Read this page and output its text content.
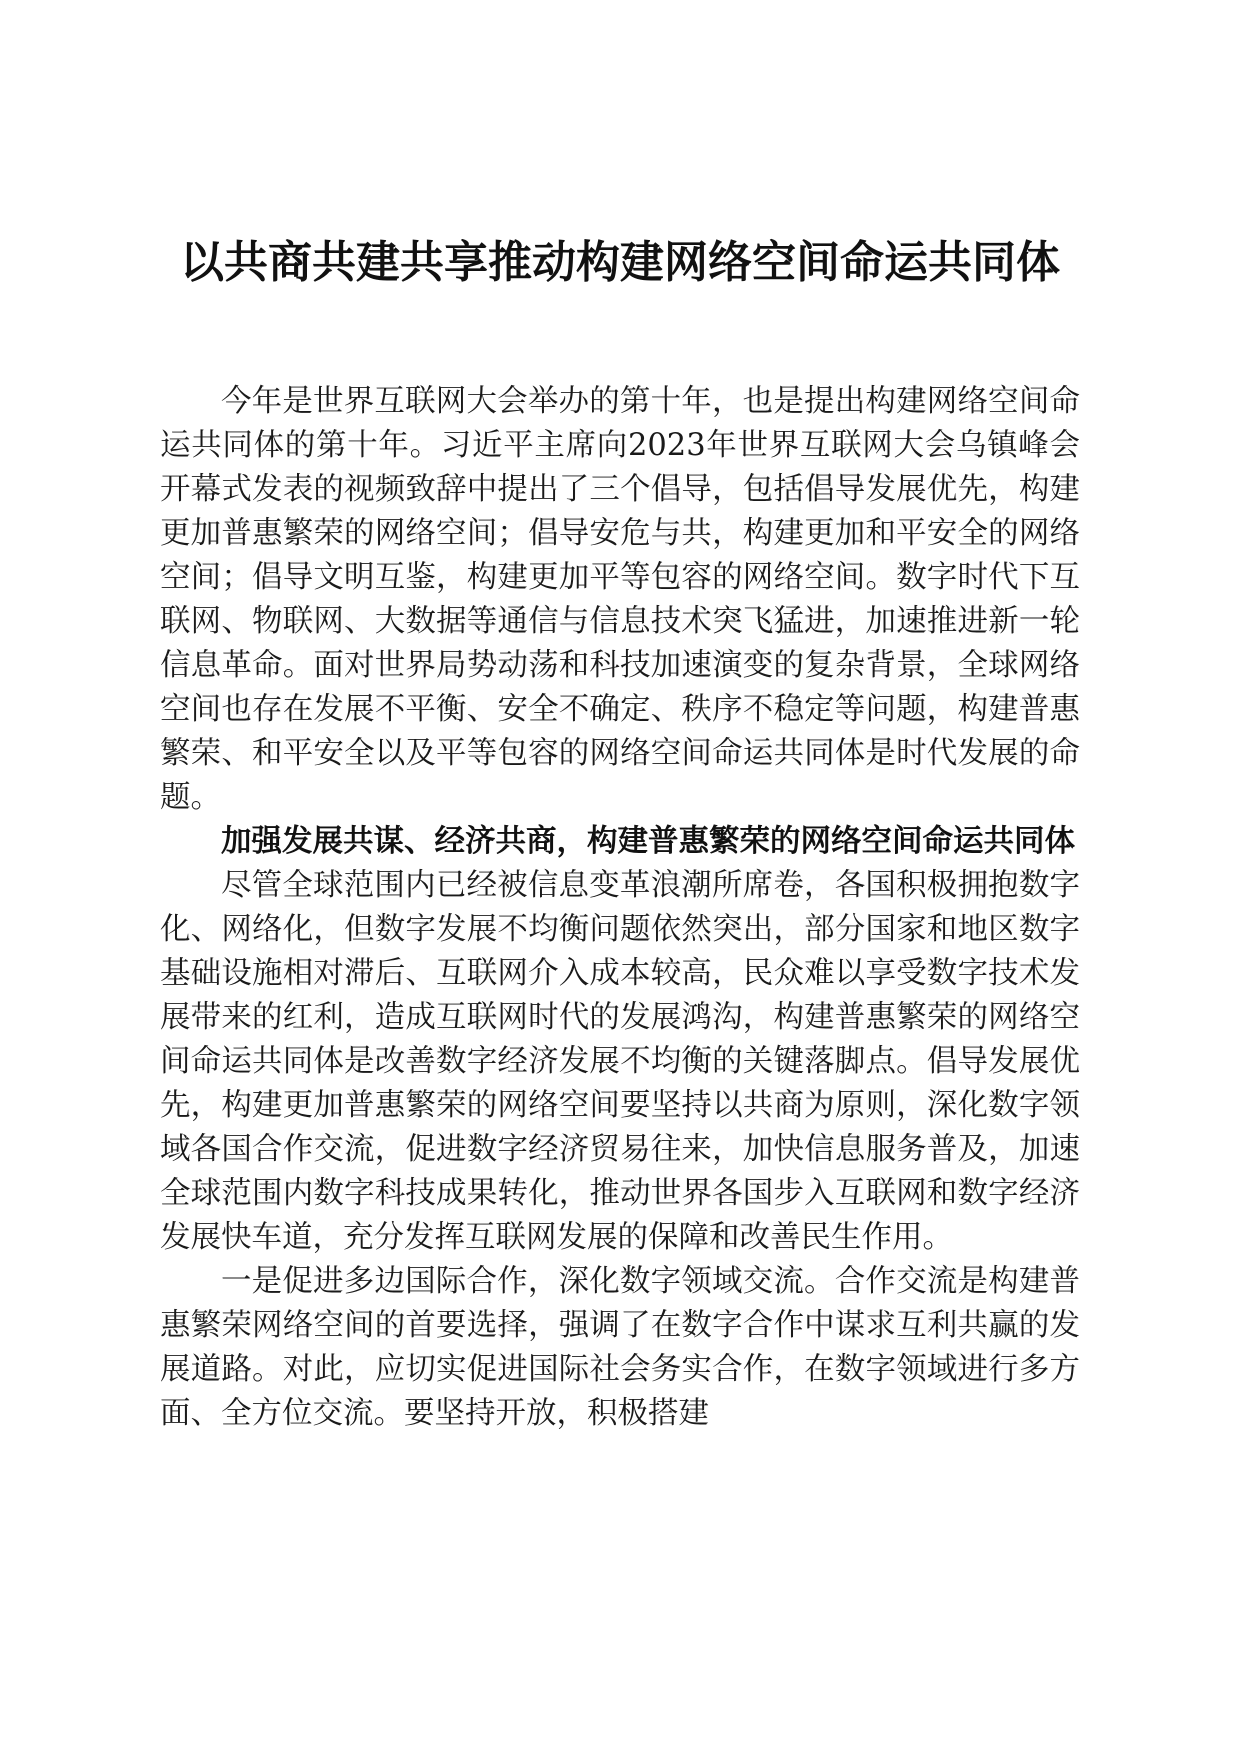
以共商共建共享推动构建网络空间命运共同体

今年是世界互联网大会举办的第十年，也是提出构建网络空间命运共同体的第十年。习近平主席向2023年世界互联网大会乌镇峰会开幕式发表的视频致辞中提出了三个倡导，包括倡导发展优先，构建更加普惠繁荣的网络空间；倡导安危与共，构建更加和平安全的网络空间；倡导文明互鉴，构建更加平等包容的网络空间。数字时代下互联网、物联网、大数据等通信与信息技术突飞猛进，加速推进新一轮信息革命。面对世界局势动荡和科技加速演变的复杂背景，全球网络空间也存在发展不平衡、安全不确定、秩序不稳定等问题，构建普惠繁荣、和平安全以及平等包容的网络空间命运共同体是时代发展的命题。

加强发展共谋、经济共商，构建普惠繁荣的网络空间命运共同体

尽管全球范围内已经被信息变革浪潮所席卷，各国积极拥抱数字化、网络化，但数字发展不均衡问题依然突出，部分国家和地区数字基础设施相对滞后、互联网介入成本较高，民众难以享受数字技术发展带来的红利，造成互联网时代的发展鸿沟，构建普惠繁荣的网络空间命运共同体是改善数字经济发展不均衡的关键落脚点。倡导发展优先，构建更加普惠繁荣的网络空间要坚持以共商为原则，深化数字领域各国合作交流，促进数字经济贸易往来，加快信息服务普及，加速全球范围内数字科技成果转化，推动世界各国步入互联网和数字经济发展快车道，充分发挥互联网发展的保障和改善民生作用。

一是促进多边国际合作，深化数字领域交流。合作交流是构建普惠繁荣网络空间的首要选择，强调了在数字合作中谋求互利共赢的发展道路。对此，应切实促进国际社会务实合作，在数字领域进行多方面、全方位交流。要坚持开放，积极搭建
